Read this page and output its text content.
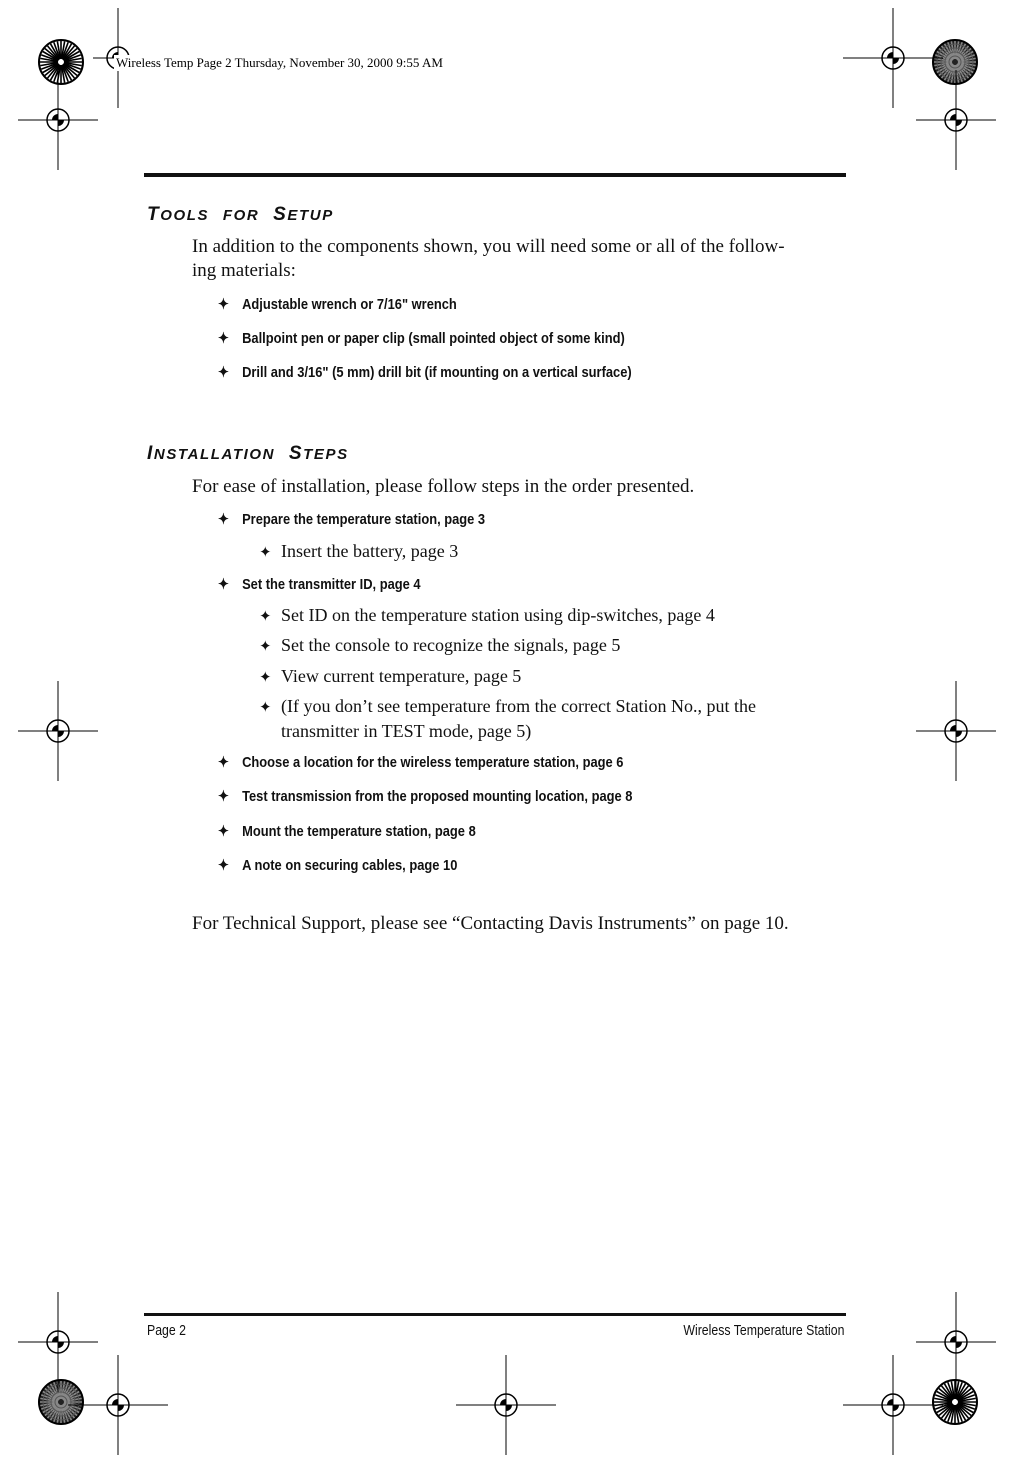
Wireless Temp Page 2 Thursday, November 30, 2000 9:55 AM
TOOLS FOR SETUP
In addition to the components shown, you will need some or all of the follow-
ing materials:
✦ Adjustable wrench or 7/16" wrench
✦ Ballpoint pen or paper clip (small pointed object of some kind)
✦ Drill and 3/16" (5 mm) drill bit (if mounting on a vertical surface)
INSTALLATION STEPS
For ease of installation, please follow steps in the order presented.
✦ Prepare the temperature station, page 3
✦ Insert the battery, page 3
✦ Set the transmitter ID, page 4
✦ Set ID on the temperature station using dip-switches, page 4
✦ Set the console to recognize the signals, page 5
✦ View current temperature, page 5
✦ (If you don’t see temperature from the correct Station No., put the
transmitter in TEST mode, page 5)
✦ Choose a location for the wireless temperature station, page 6
✦ Test transmission from the proposed mounting location, page 8
✦ Mount the temperature station, page 8
✦ A note on securing cables, page 10
For Technical Support, please see “Contacting Davis Instruments” on page 10.
Page 2	Wireless Temperature Station
